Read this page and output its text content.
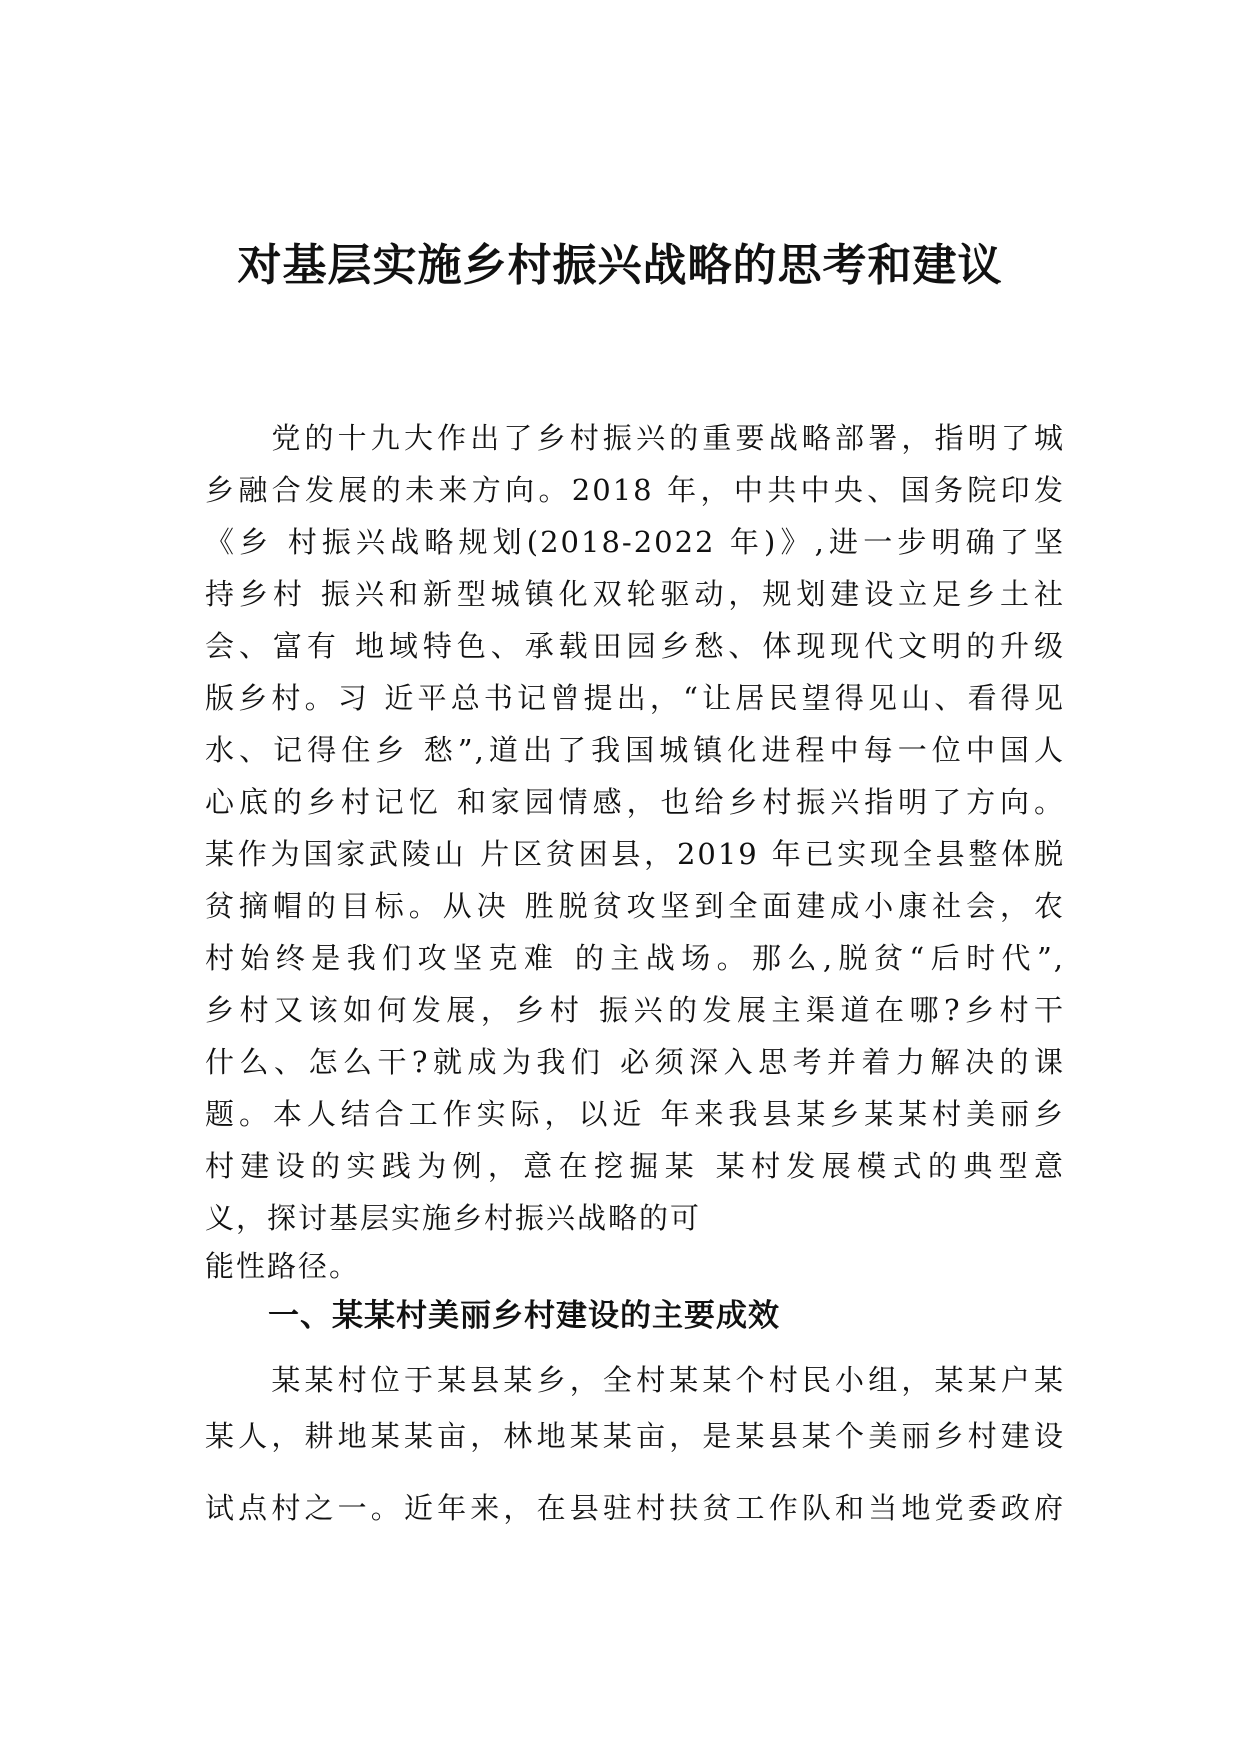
对基层实施乡村振兴战略的思考和建议
　　党的十九大作出了乡村振兴的重要战略部署，指明了城
乡融合发展的未来方向。2018 年，中共中央、国务院印发
《乡 村振兴战略规划(2018-2022 年)》,进一步明确了坚
持乡村 振兴和新型城镇化双轮驱动，规划建设立足乡土社
会、富有 地域特色、承载田园乡愁、体现现代文明的升级
版乡村。习 近平总书记曾提出，“让居民望得见山、看得见
水、记得住乡 愁”,道出了我国城镇化进程中每一位中国人
心底的乡村记忆 和家园情感，也给乡村振兴指明了方向。
某作为国家武陵山 片区贫困县，2019 年已实现全县整体脱
贫摘帽的目标。从决 胜脱贫攻坚到全面建成小康社会，农
村始终是我们攻坚克难 的主战场。那么,脱贫“后时代”,
乡村又该如何发展，乡村 振兴的发展主渠道在哪?乡村干
什么、怎么干?就成为我们 必须深入思考并着力解决的课
题。本人结合工作实际，以近 年来我县某乡某某村美丽乡
村建设的实践为例，意在挖掘某 某村发展模式的典型意
义，探讨基层实施乡村振兴战略的可
能性路径。
一、某某村美丽乡村建设的主要成效
　　某某村位于某县某乡，全村某某个村民小组，某某户某
某人，耕地某某亩，林地某某亩，是某县某个美丽乡村建设
试点村之一。近年来，在县驻村扶贫工作队和当地党委政府
